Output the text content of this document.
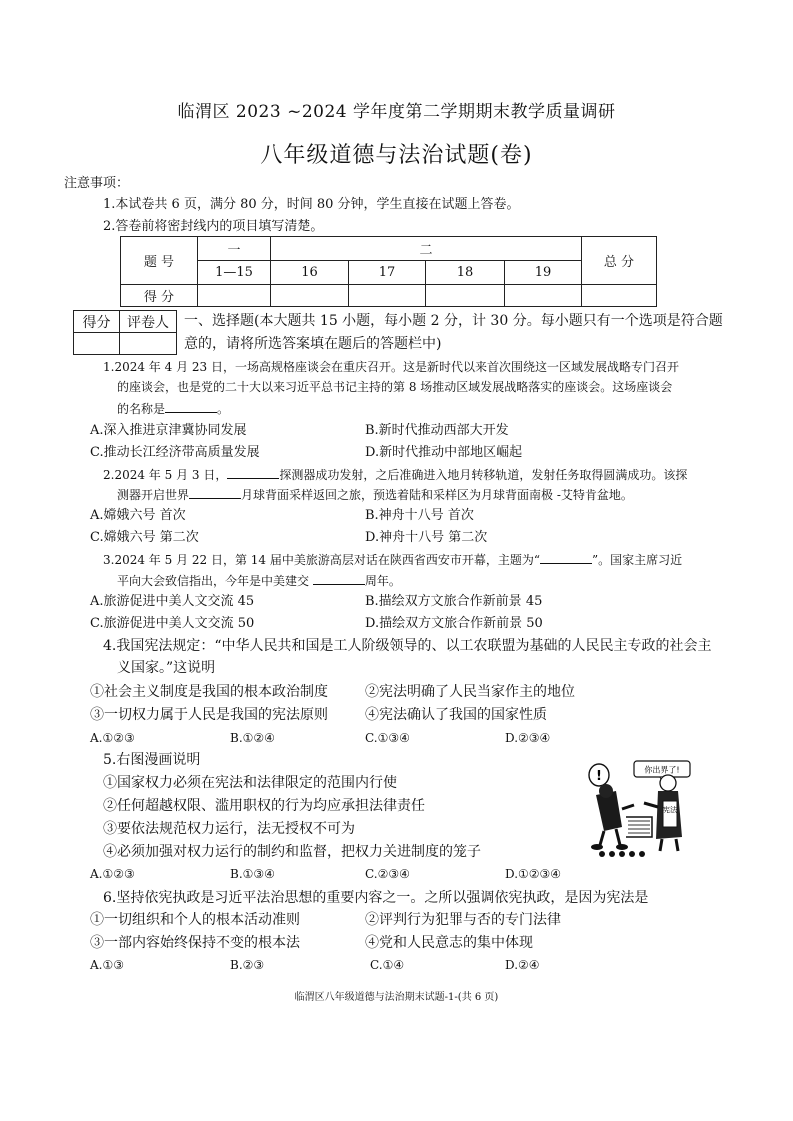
临渭区 2023 ~2024 学年度第二学期期末教学质量调研
八年级道德与法治试题(卷)
注意事项：
1.本试卷共 6 页，满分 80 分，时间 80 分钟，学生直接在试题上答卷。
2.答卷前将密封线内的项目填写清楚。
题 号	一	二				总 分
	1—15	16	17	18	19	
得 分						
得分	评卷人
	一、选择题(本大题共 15 小题，每小题 2 分，计 30 分。每小题只有一个选项是符合题
意的，请将所选答案填在题后的答题栏中)
1.2024 年 4 月 23 日，一场高规格座谈会在重庆召开。这是新时代以来首次围绕这一区域发展战略专门召开
的座谈会，也是党的二十大以来习近平总书记主持的第 8 场推动区域发展战略落实的座谈会。这场座谈会
的名称是	。
A.深入推进京津冀协同发展	B.新时代推动西部大开发
C.推动长江经济带高质量发展	D.新时代推动中部地区崛起
2.2024 年 5 月 3 日，	探测器成功发射，之后准确进入地月转移轨道，发射任务取得圆满成功。该探
测器开启世界	月球背面采样返回之旅，预选着陆和采样区为月球背面南极 -艾特肯盆地。
A.嫦娥六号 首次	B.神舟十八号 首次
C.嫦娥六号 第二次	D.神舟十八号 第二次
3.2024 年 5 月 22 日，第 14 届中美旅游高层对话在陕西省西安市开幕，主题为“	”。国家主席习近
平向大会致信指出，今年是中美建交	周年。
A.旅游促进中美人文交流 45	B.描绘双方文旅合作新前景 45
C.旅游促进中美人文交流 50	D.描绘双方文旅合作新前景 50
4.我国宪法规定：“中华人民共和国是工人阶级领导的、以工农联盟为基础的人民民主专政的社会主
义国家。”这说明
①社会主义制度是我国的根本政治制度	②宪法明确了人民当家作主的地位
③一切权力属于人民是我国的宪法原则	④宪法确认了我国的国家性质
A.①②③	B.①②④	C.①③④	D.②③④
5.右图漫画说明
①国家权力必须在宪法和法律限定的范围内行使
②任何超越权限、滥用职权的行为均应承担法律责任
③要依法规范权力运行，法无授权不可为
④必须加强对权力运行的制约和监督，把权力关进制度的笼子
A.①②③	B.①③④	C.②③④	D.①②③④
你出界了!
!
宪法
6.坚持依宪执政是习近平法治思想的重要内容之一。之所以强调依宪执政，是因为宪法是
①一切组织和个人的根本活动准则	②评判行为犯罪与否的专门法律
③一部内容始终保持不变的根本法	④党和人民意志的集中体现
A.①③	B.②③	C.①④	D.②④
临渭区八年级道德与法治期末试题-1-(共 6 页)
